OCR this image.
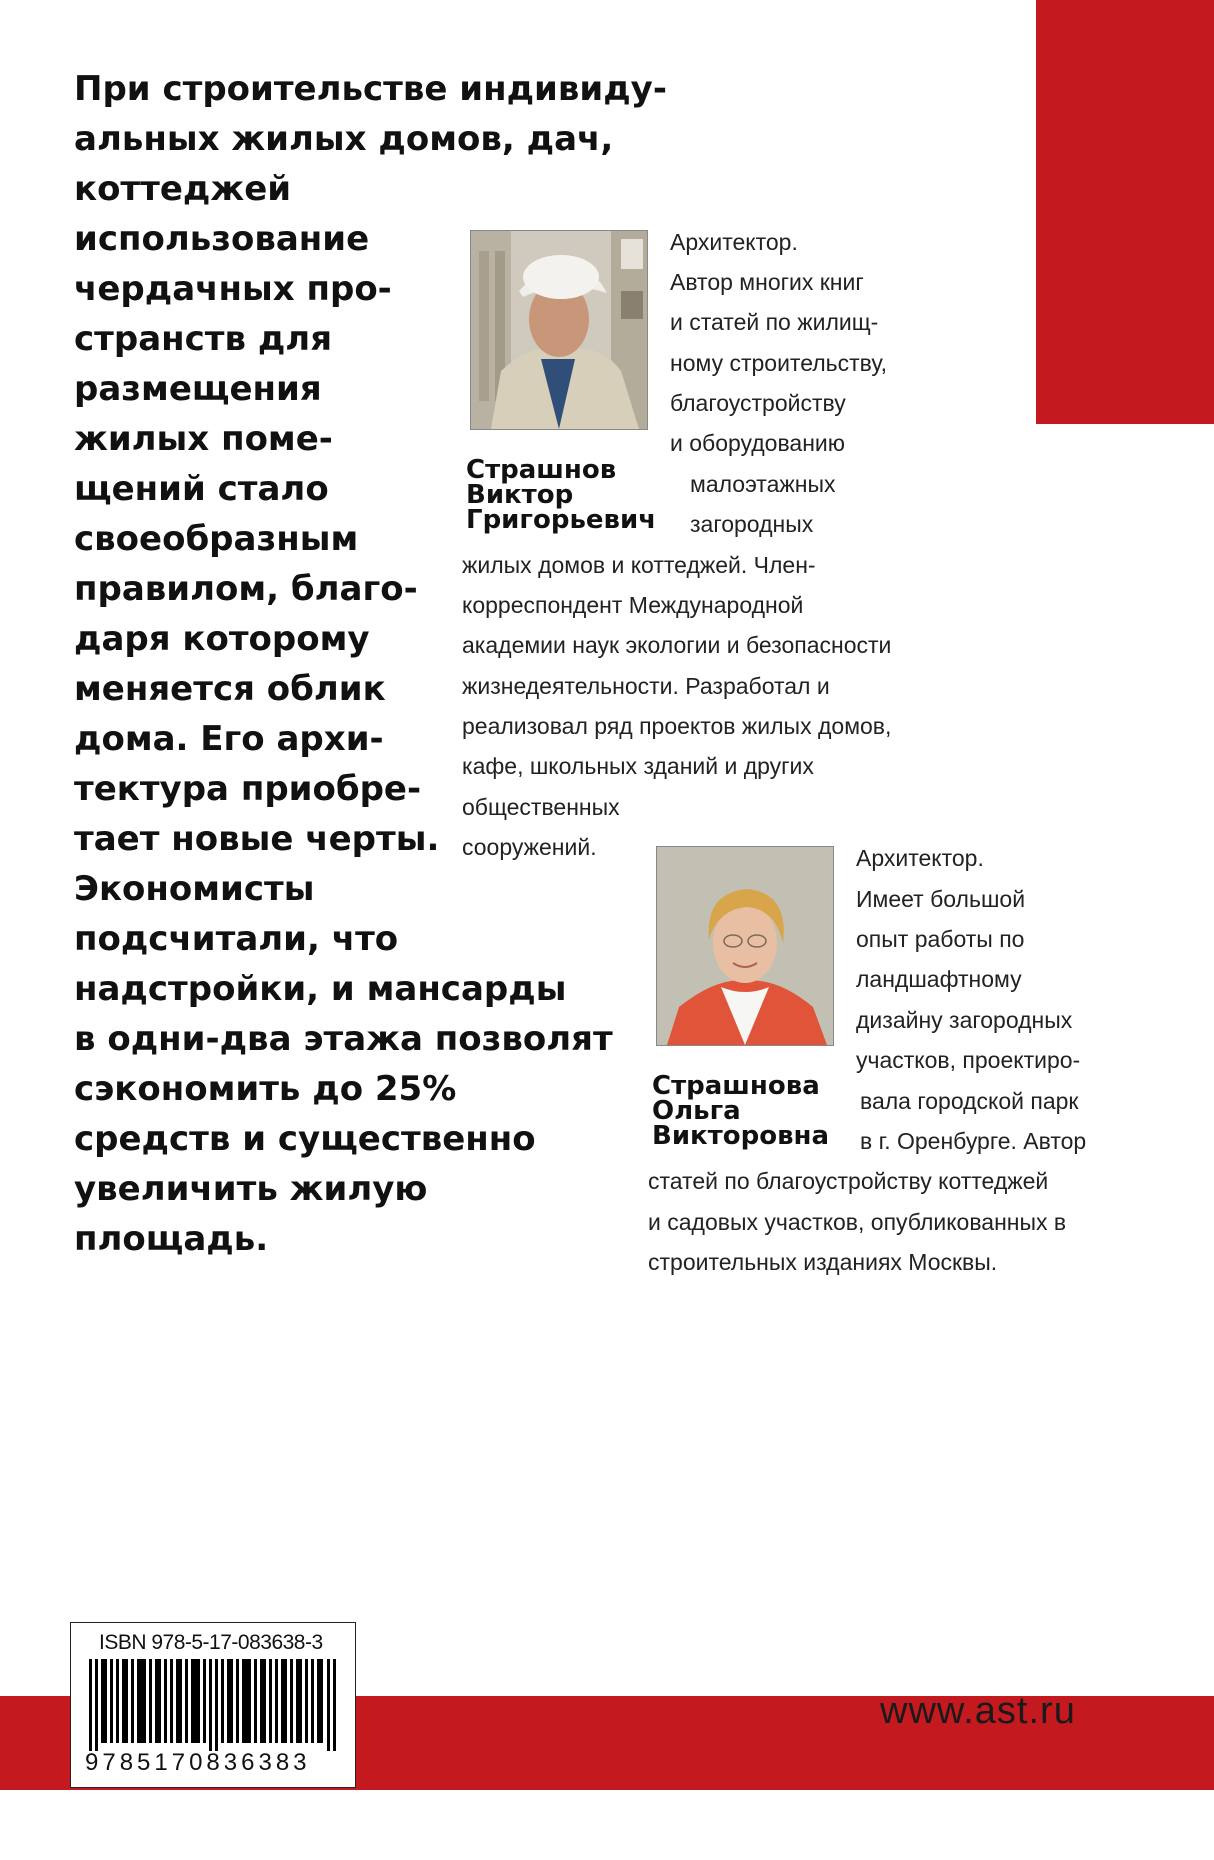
При строительстве индивиду-
альных жилых домов, дач,
коттеджей
использование
чердачных про-
странств для
размещения
жилых поме-
щений стало
своеобразным
правилом, благо-
даря которому
меняется облик
дома. Его архи-
тектура приобре-
тает новые черты.
Экономисты
подсчитали, что
надстройки, и мансарды
в одни-два этажа позволят
сэкономить до 25%
средств и существенно
увеличить жилую
площадь.
Страшнов
Виктор
Григорьевич
Архитектор.
Автор многих книг
и статей по жилищ-
ному строительству,
благоустройству
и оборудованию
малоэтажных
загородных
жилых домов и коттеджей. Член-
корреспондент Международной
академии наук экологии и безопасности
жизнедеятельности. Разработал и
реализовал ряд проектов жилых домов,
кафе, школьных зданий и других
общественных
сооружений.
Страшнова
Ольга
Викторовна
Архитектор.
Имеет большой
опыт работы по
ландшафтному
дизайну загородных
участков, проектиро-
вала городской парк
в г. Оренбурге. Автор
статей по благоустройству коттеджей
и садовых участков, опубликованных в
строительных изданиях Москвы.
www.ast.ru
ISBN 978-5-17-083638-3
9785170836383
